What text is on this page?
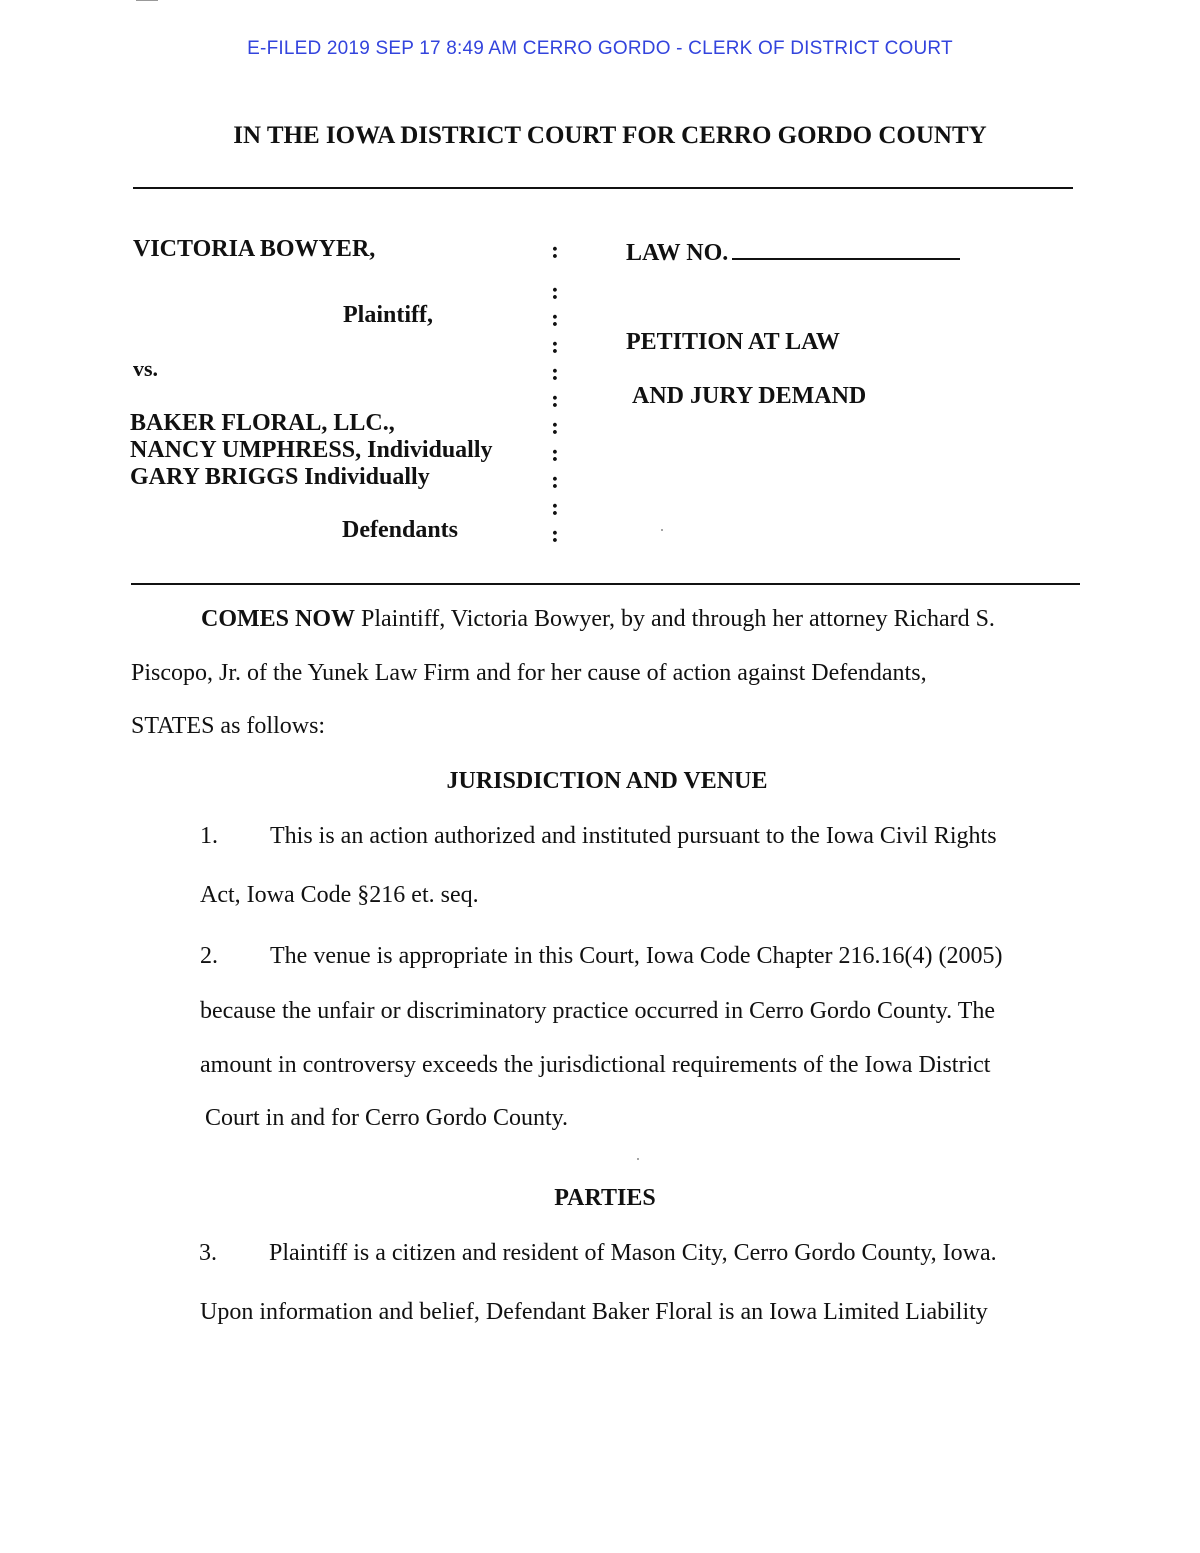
E-FILED 2019 SEP 17 8:49 AM CERRO GORDO - CLERK OF DISTRICT COURT
IN THE IOWA DISTRICT COURT FOR CERRO GORDO COUNTY
VICTORIA BOWYER,
Plaintiff,
vs.
BAKER FLORAL, LLC.,
NANCY UMPHRESS, Individually
GARY BRIGGS Individually
Defendants
:
:
:
:
:
:
:
:
:
:
:
LAW NO.
PETITION AT LAW
AND JURY DEMAND
COMES NOW Plaintiff, Victoria Bowyer, by and through her attorney Richard S.
Piscopo, Jr. of the Yunek Law Firm and for her cause of action against Defendants,
STATES as follows:
JURISDICTION AND VENUE
1. This is an action authorized and instituted pursuant to the Iowa Civil Rights
Act, Iowa Code §216 et. seq.
2. The venue is appropriate in this Court, Iowa Code Chapter 216.16(4) (2005)
because the unfair or discriminatory practice occurred in Cerro Gordo County. The
amount in controversy exceeds the jurisdictional requirements of the Iowa District
Court in and for Cerro Gordo County.
PARTIES
3. Plaintiff is a citizen and resident of Mason City, Cerro Gordo County, Iowa.
Upon information and belief, Defendant Baker Floral is an Iowa Limited Liability
